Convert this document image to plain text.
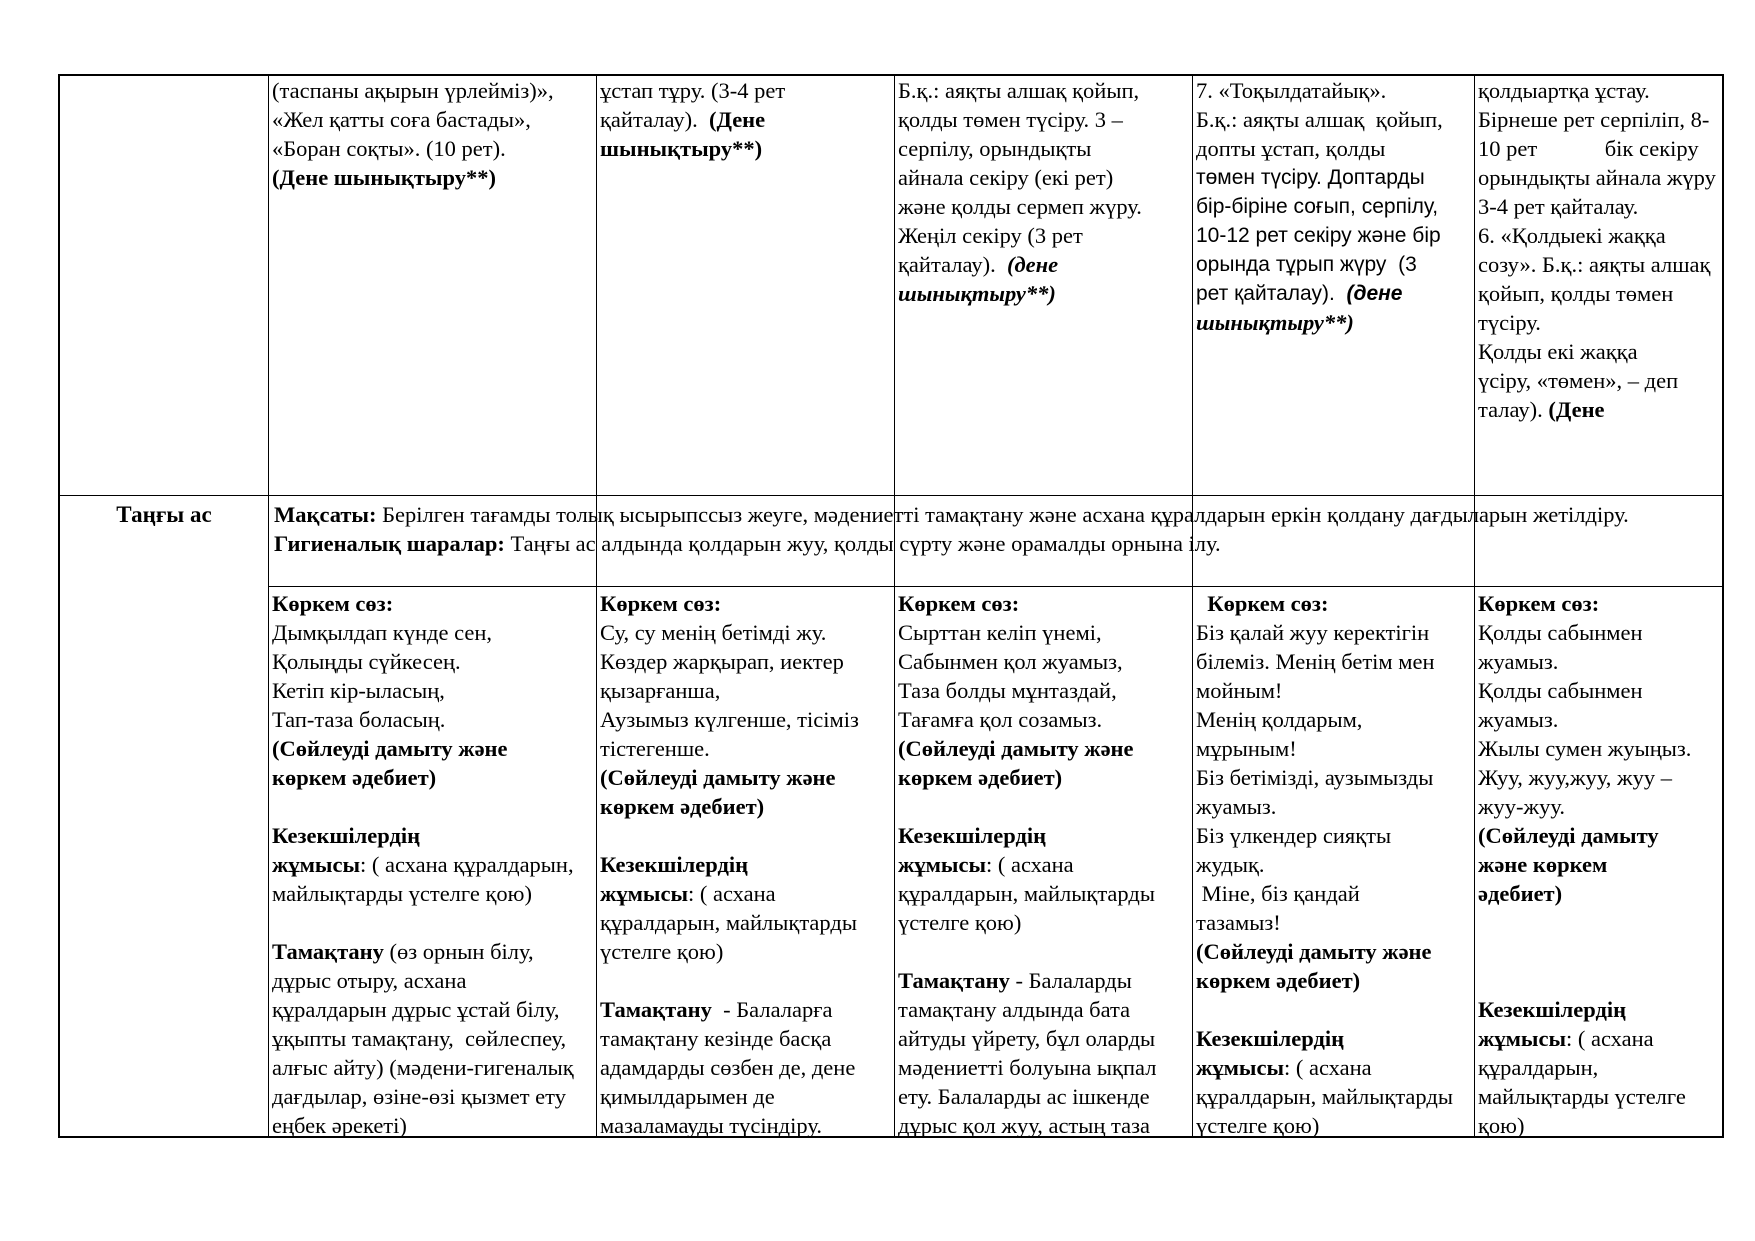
(таспаны ақырын үрлейміз)»,

«Жел қатты соға бастады»,

«Боран соқты». (10 рет).

(Дене шынықтыру**)

ұстап тұру. (3-4 рет

қайталау).  (Дене

шынықтыру**)

Б.қ.: аяқты алшақ қойып,

қолды төмен түсіру. 3 –

серпілу, орындықты

айнала секіру (екі рет)

және қолды сермеп жүру.

Жеңіл секіру (3 рет

қайталау).  (дене

шынықтыру**)

7. «Тоқылдатайық».

Б.қ.: аяқты алшақ  қойып,

допты ұстап, қолды

төмен түсіру. Доптарды

бір-біріне соғып, серпілу,

10-12 рет секіру және бір

орында тұрып жүру  (3

рет қайталау).  (дене

шынықтыру**)

қолдыартқа ұстау.

Бірнеше рет серпіліп, 8-

10 рет            бік секіру

орындықты айнала жүру

3-4 рет қайталау.

6. «Қолдыекі жаққа

созу». Б.қ.: аяқты алшақ

қойып, қолды төмен

түсіру.

Қолды екі жаққа

үсіру, «төмен», – деп

талау). (Дене

Таңғы ас	Мақсаты: Берілген тағамды толық ысырыпссыз жеуге, мәдениетті тамақтану және асхана құралдарын еркін қолдану дағдыларын жетілдіру.

Гигиеналық шаралар: Таңғы ас алдында қолдарын жуу, қолды сүрту және орамалды орнына ілу.

Көркем сөз:

Дымқылдап күнде сен,

Қолыңды сүйкесең.

Кетіп кір-ыласың,

Тап-таза боласың.

(Сөйлеуді дамыту және

көркем әдебиет)

Кезекшілердің

жұмысы: ( асхана құралдарын,

майлықтарды үстелге қою)

Тамақтану (өз орнын білу,

дұрыс отыру, асхана

құралдарын дұрыс ұстай білу,

ұқыпты тамақтану,  сөйлеспеу,

алғыс айту) (мәдени-гигеналық

дағдылар, өзіне-өзі қызмет ету

еңбек әрекеті)

Көркем сөз:

Су, су менің бетімді жу.

Көздер жарқырап, иектер

қызарғанша,

Аузымыз күлгенше, тісіміз

тістегенше.

(Сөйлеуді дамыту және

көркем әдебиет)

Кезекшілердің

жұмысы: ( асхана

құралдарын, майлықтарды

үстелге қою)

Тамақтану  - Балаларға

тамақтану кезінде басқа

адамдарды сөзбен де, дене

қимылдарымен де

мазаламауды түсіндіру.

Көркем сөз:

Сырттан келіп үнемі,

Сабынмен қол жуамыз,

Таза болды мұнтаздай,

Тағамға қол созамыз.

(Сөйлеуді дамыту және

көркем әдебиет)

Кезекшілердің

жұмысы: ( асхана

құралдарын, майлықтарды

үстелге қою)

Тамақтану - Балаларды

тамақтану алдында бата

айтуды үйрету, бұл оларды

мәдениетті болуына ықпал

ету. Балаларды ас ішкенде

дұрыс қол жуу, астың таза

Көркем сөз:

Біз қалай жуу керектігін

білеміз. Менің бетім мен

мойным!

Менің қолдарым,

мұрыным!

Біз бетімізді, аузымызды

жуамыз.

Біз үлкендер сияқты

жудық.

Міне, біз қандай

тазамыз!

(Сөйлеуді дамыту және

көркем әдебиет)

Кезекшілердің

жұмысы: ( асхана

құралдарын, майлықтарды

үстелге қою)

Көркем сөз:

Қолды сабынмен

жуамыз.

Қолды сабынмен

жуамыз.

Жылы сумен жуыңыз.

Жуу, жуу,жуу, жуу –

жуу-жуу.

(Сөйлеуді дамыту

және көркем

әдебиет)

Кезекшілердің

жұмысы: ( асхана

құралдарын,

майлықтарды үстелге

қою)
